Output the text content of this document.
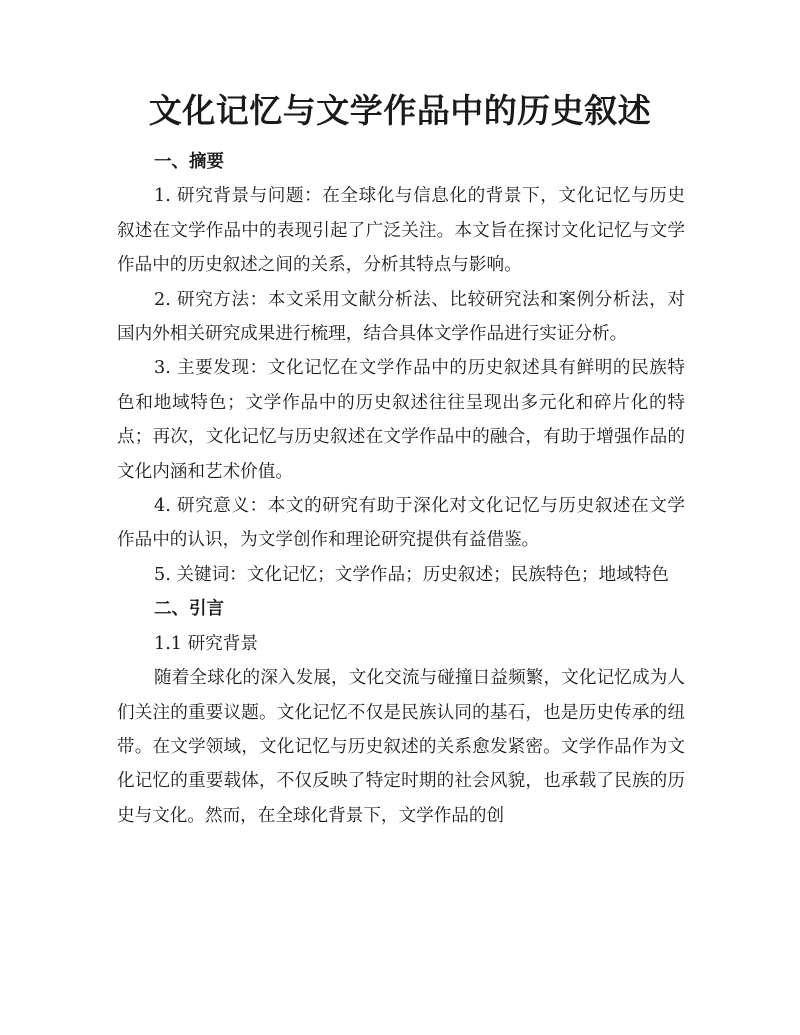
文化记忆与文学作品中的历史叙述
一、摘要

1. 研究背景与问题：在全球化与信息化的背景下，文化记忆与历史叙述在文学作品中的表现引起了广泛关注。本文旨在探讨文化记忆与文学作品中的历史叙述之间的关系，分析其特点与影响。

2. 研究方法：本文采用文献分析法、比较研究法和案例分析法，对国内外相关研究成果进行梳理，结合具体文学作品进行实证分析。

3. 主要发现：文化记忆在文学作品中的历史叙述具有鲜明的民族特色和地域特色；文学作品中的历史叙述往往呈现出多元化和碎片化的特点；再次，文化记忆与历史叙述在文学作品中的融合，有助于增强作品的文化内涵和艺术价值。

4. 研究意义：本文的研究有助于深化对文化记忆与历史叙述在文学作品中的认识，为文学创作和理论研究提供有益借鉴。

5. 关键词：文化记忆；文学作品；历史叙述；民族特色；地域特色

二、引言

1.1 研究背景

随着全球化的深入发展，文化交流与碰撞日益频繁，文化记忆成为人们关注的重要议题。文化记忆不仅是民族认同的基石，也是历史传承的纽带。在文学领域，文化记忆与历史叙述的关系愈发紧密。文学作品作为文化记忆的重要载体，不仅反映了特定时期的社会风貌，也承载了民族的历史与文化。然而，在全球化背景下，文学作品的创
